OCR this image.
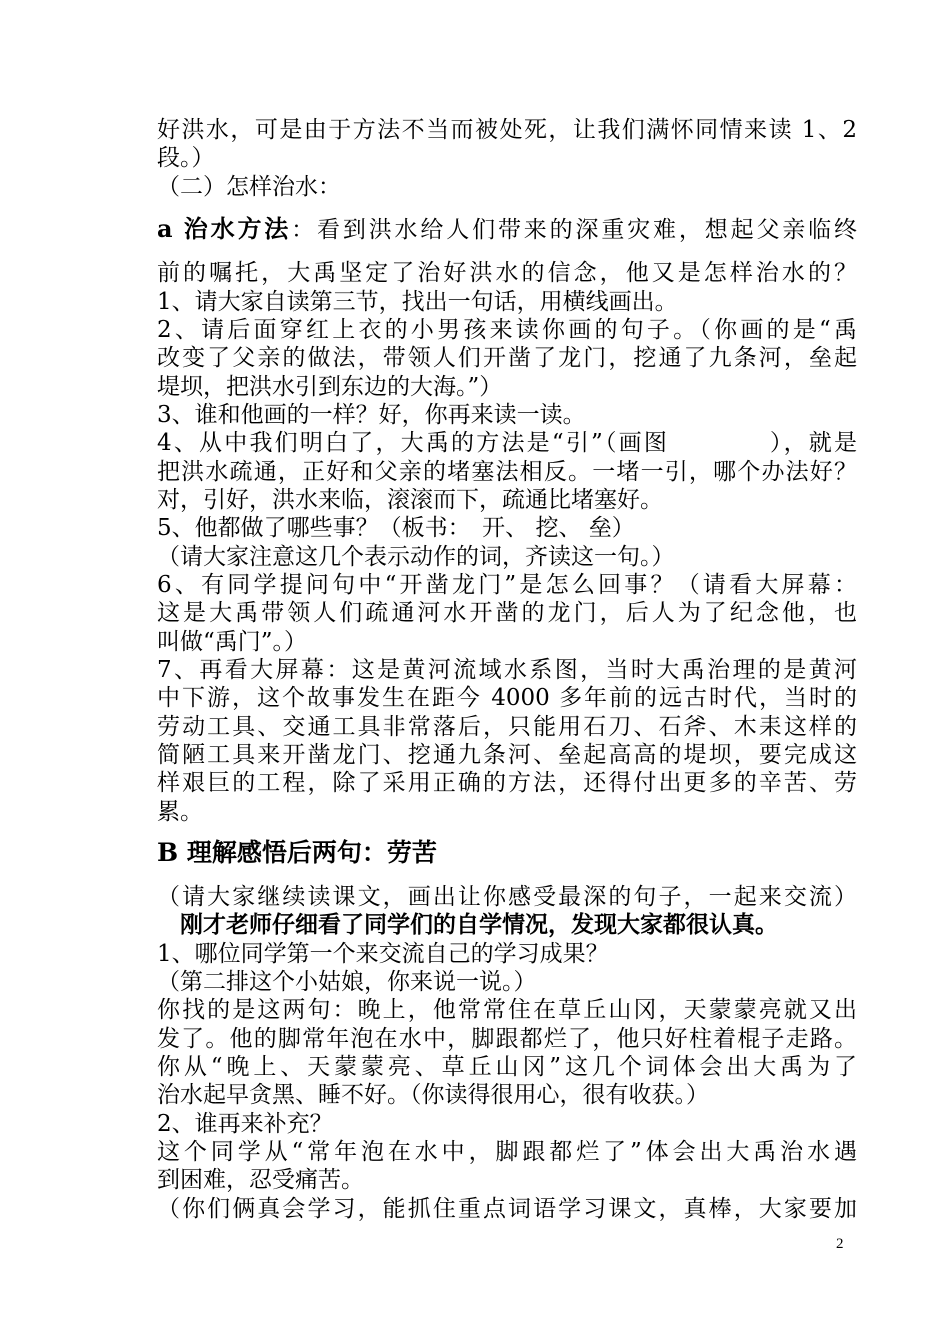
好洪水，可是由于方法不当而被处死，让我们满怀同情来读 1、2
段。）
（二）怎样治水：
a 治水方法：看到洪水给人们带来的深重灾难，想起父亲临终
前的嘱托，大禹坚定了治好洪水的信念，他又是怎样治水的？
1、请大家自读第三节，找出一句话，用横线画出。
2、请后面穿红上衣的小男孩来读你画的句子。（你画的是“禹
改变了父亲的做法，带领人们开凿了龙门，挖通了九条河，垒起
堤坝，把洪水引到东边的大海。”）
3、谁和他画的一样？好，你再来读一读。
4、从中我们明白了，大禹的方法是“引”（画图　　　　），就是
把洪水疏通，正好和父亲的堵塞法相反。一堵一引，哪个办法好？
对，引好，洪水来临，滚滚而下，疏通比堵塞好。
5、他都做了哪些事？（板书：　开、 挖、 垒）
（请大家注意这几个表示动作的词，齐读这一句。）
6、有同学提问句中“开凿龙门”是怎么回事？（请看大屏幕：
这是大禹带领人们疏通河水开凿的龙门，后人为了纪念他，也
叫做“禹门”。）
7、再看大屏幕：这是黄河流域水系图，当时大禹治理的是黄河
中下游，这个故事发生在距今 4000 多年前的远古时代，当时的
劳动工具、交通工具非常落后，只能用石刀、石斧、木耒这样的
简陋工具来开凿龙门、挖通九条河、垒起高高的堤坝，要完成这
样艰巨的工程，除了采用正确的方法，还得付出更多的辛苦、劳
累。
B 理解感悟后两句：劳苦
（请大家继续读课文，画出让你感受最深的句子，一起来交流）
　刚才老师仔细看了同学们的自学情况，发现大家都很认真。
1、哪位同学第一个来交流自己的学习成果？
（第二排这个小姑娘，你来说一说。）
你找的是这两句：晚上，他常常住在草丘山冈，天蒙蒙亮就又出
发了。他的脚常年泡在水中，脚跟都烂了，他只好柱着棍子走路。
你从“晚上、天蒙蒙亮、草丘山冈”这几个词体会出大禹为了
治水起早贪黑、睡不好。（你读得很用心，很有收获。）
2、谁再来补充？
这个同学从“常年泡在水中，脚跟都烂了”体会出大禹治水遇
到困难，忍受痛苦。
（你们俩真会学习，能抓住重点词语学习课文，真棒，大家要加
2
